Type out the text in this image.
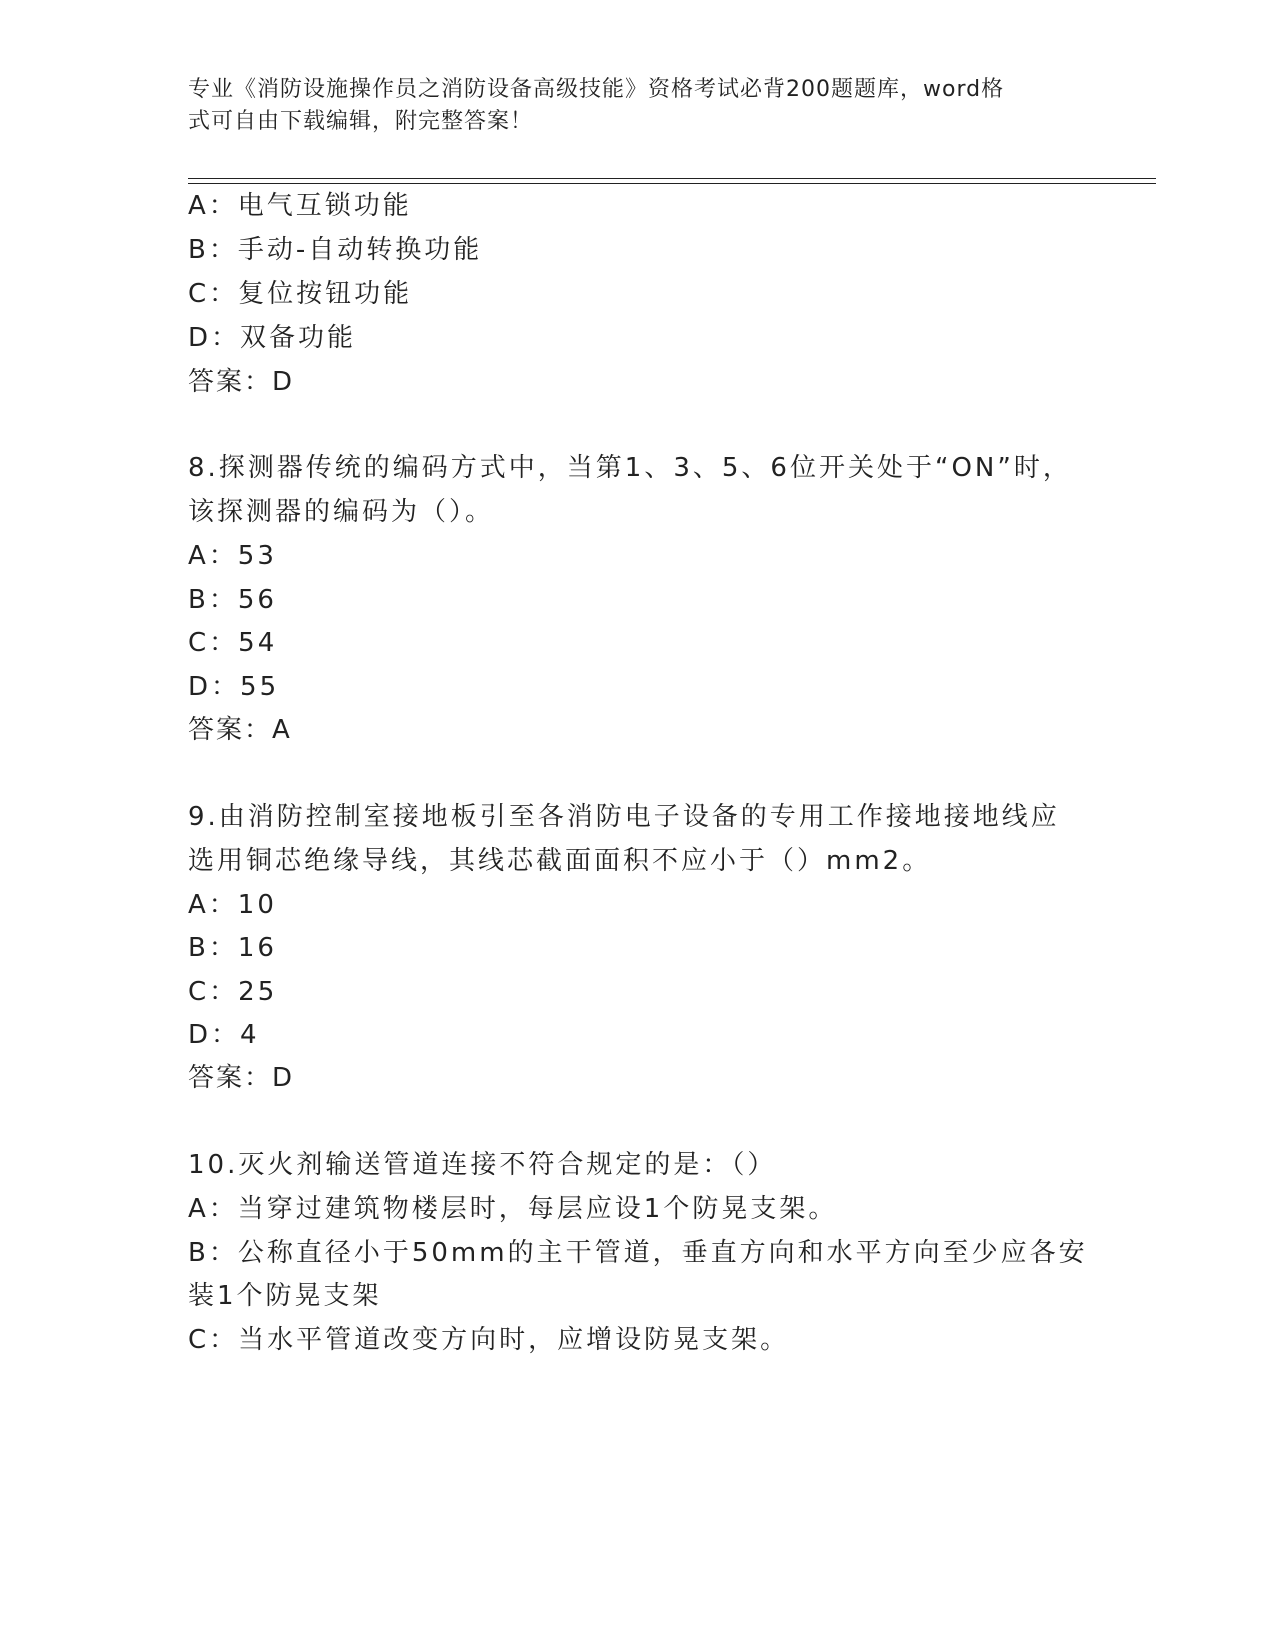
专业《消防设施操作员之消防设备高级技能》资格考试必背200题题库，word格
式可自由下载编辑，附完整答案！
A：电气互锁功能
B：手动-自动转换功能
C：复位按钮功能
D：双备功能
答案：D
8.探测器传统的编码方式中，当第1、3、5、6位开关处于“ON”时，
该探测器的编码为（）。
A：53
B：56
C：54
D：55
答案：A
9.由消防控制室接地板引至各消防电子设备的专用工作接地接地线应
选用铜芯绝缘导线，其线芯截面面积不应小于（）mm2。
A：10
B：16
C：25
D：4
答案：D
10.灭火剂输送管道连接不符合规定的是：（）
A：当穿过建筑物楼层时，每层应设1个防晃支架。
B：公称直径小于50mm的主干管道，垂直方向和水平方向至少应各安
装1个防晃支架
C：当水平管道改变方向时，应增设防晃支架。
